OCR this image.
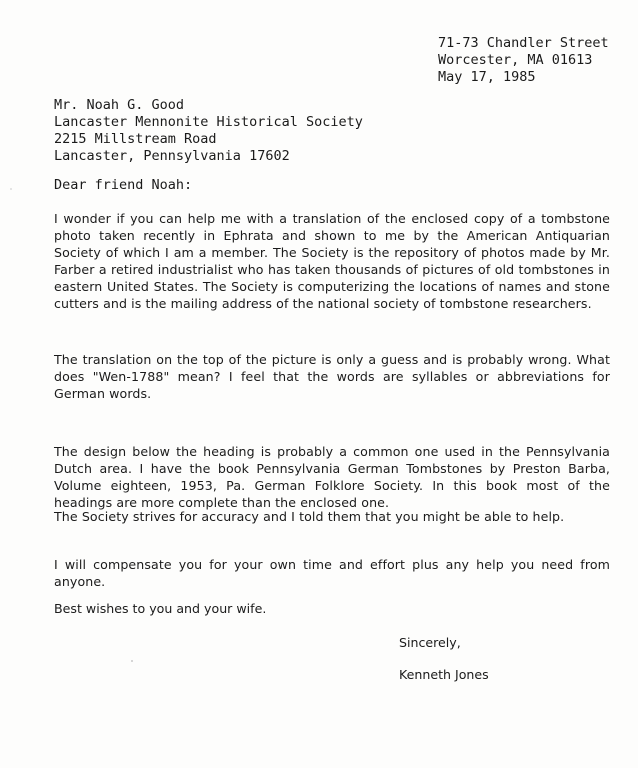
71-73 Chandler Street
Worcester, MA 01613
May 17, 1985
Mr. Noah G. Good
Lancaster Mennonite Historical Society
2215 Millstream Road
Lancaster, Pennsylvania 17602
Dear friend Noah:
I wonder if you can help me with a translation of the enclosed copy of a tombstone photo taken recently in Ephrata and shown to me by the American Antiquarian Society of which I am a member. The Society is the repository of photos made by Mr. Farber a retired industrialist who has taken thousands of pictures of old tombstones in eastern United States. The Society is computerizing the locations of names and stone cutters and is the mailing address of the national society of tombstone researchers.
The translation on the top of the picture is only a guess and is probably wrong. What does "Wen-1788" mean? I feel that the words are syllables or abbreviations for German words.
The design below the heading is probably a common one used in the Pennsylvania Dutch area. I have the book Pennsylvania German Tombstones by Preston Barba, Volume eighteen, 1953, Pa. German Folklore Society. In this book most of the headings are more complete than the enclosed one.
The Society strives for accuracy and I told them that you might be able to help.
I will compensate you for your own time and effort plus any help you need from anyone.
Best wishes to you and your wife.
Sincerely,
Kenneth Jones
